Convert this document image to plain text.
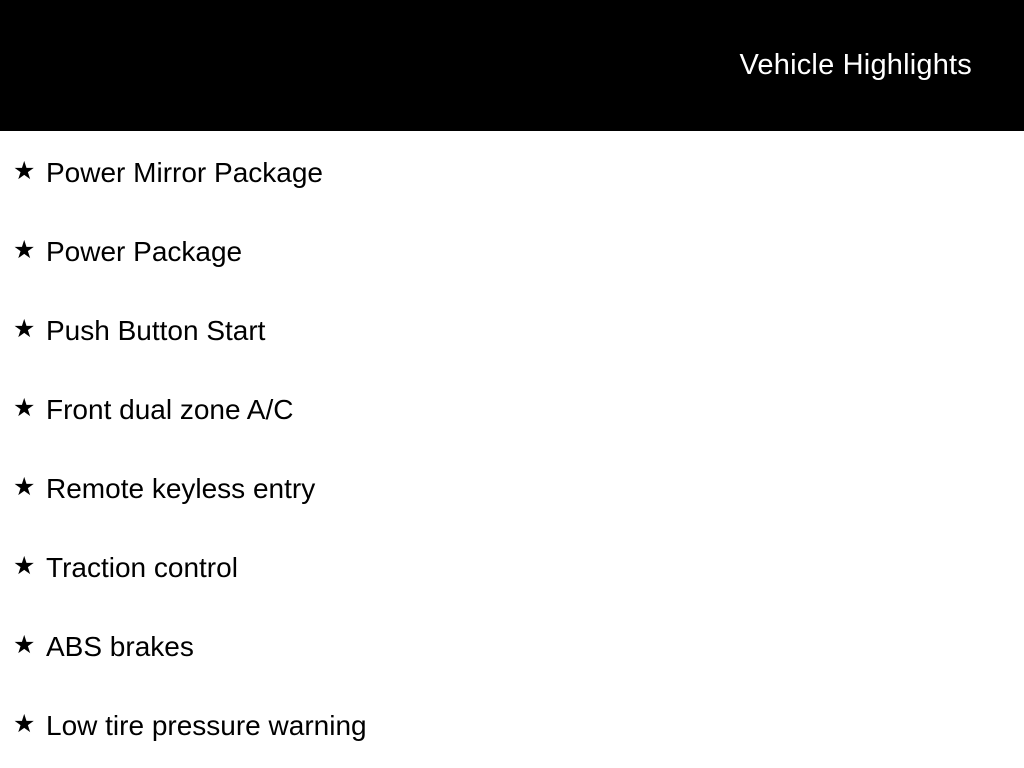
Vehicle Highlights
★ Power Mirror Package
★ Power Package
★ Push Button Start
★ Front dual zone A/C
★ Remote keyless entry
★ Traction control
★ ABS brakes
★ Low tire pressure warning
